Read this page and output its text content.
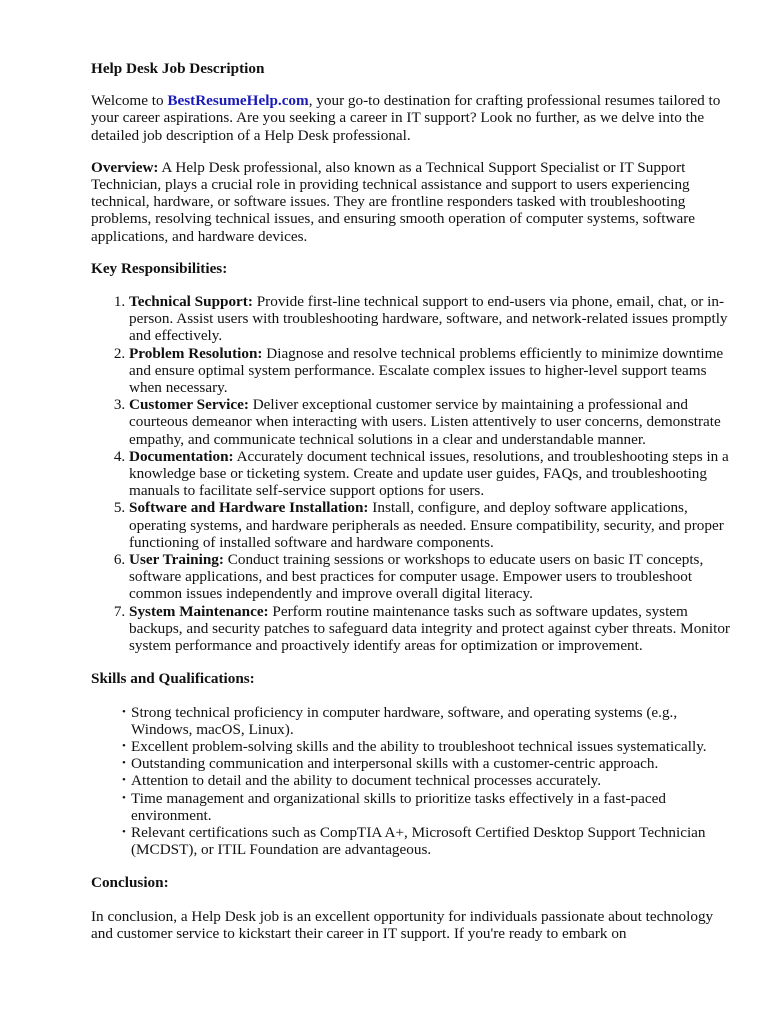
Help Desk Job Description

Welcome to BestResumeHelp.com, your go-to destination for crafting professional resumes tailored to your career aspirations. Are you seeking a career in IT support? Look no further, as we delve into the detailed job description of a Help Desk professional.

Overview: A Help Desk professional, also known as a Technical Support Specialist or IT Support Technician, plays a crucial role in providing technical assistance and support to users experiencing technical, hardware, or software issues. They are frontline responders tasked with troubleshooting problems, resolving technical issues, and ensuring smooth operation of computer systems, software applications, and hardware devices.

Key Responsibilities:
1. Technical Support: Provide first-line technical support to end-users via phone, email, chat, or in-person. Assist users with troubleshooting hardware, software, and network-related issues promptly and effectively.
2. Problem Resolution: Diagnose and resolve technical problems efficiently to minimize downtime and ensure optimal system performance. Escalate complex issues to higher-level support teams when necessary.
3. Customer Service: Deliver exceptional customer service by maintaining a professional and courteous demeanor when interacting with users. Listen attentively to user concerns, demonstrate empathy, and communicate technical solutions in a clear and understandable manner.
4. Documentation: Accurately document technical issues, resolutions, and troubleshooting steps in a knowledge base or ticketing system. Create and update user guides, FAQs, and troubleshooting manuals to facilitate self-service support options for users.
5. Software and Hardware Installation: Install, configure, and deploy software applications, operating systems, and hardware peripherals as needed. Ensure compatibility, security, and proper functioning of installed software and hardware components.
6. User Training: Conduct training sessions or workshops to educate users on basic IT concepts, software applications, and best practices for computer usage. Empower users to troubleshoot common issues independently and improve overall digital literacy.
7. System Maintenance: Perform routine maintenance tasks such as software updates, system backups, and security patches to safeguard data integrity and protect against cyber threats. Monitor system performance and proactively identify areas for optimization or improvement.
Skills and Qualifications:
• Strong technical proficiency in computer hardware, software, and operating systems (e.g., Windows, macOS, Linux).
• Excellent problem-solving skills and the ability to troubleshoot technical issues systematically.
• Outstanding communication and interpersonal skills with a customer-centric approach.
• Attention to detail and the ability to document technical processes accurately.
• Time management and organizational skills to prioritize tasks effectively in a fast-paced environment.
• Relevant certifications such as CompTIA A+, Microsoft Certified Desktop Support Technician (MCDST), or ITIL Foundation are advantageous.
Conclusion:

In conclusion, a Help Desk job is an excellent opportunity for individuals passionate about technology and customer service to kickstart their career in IT support. If you're ready to embark on
